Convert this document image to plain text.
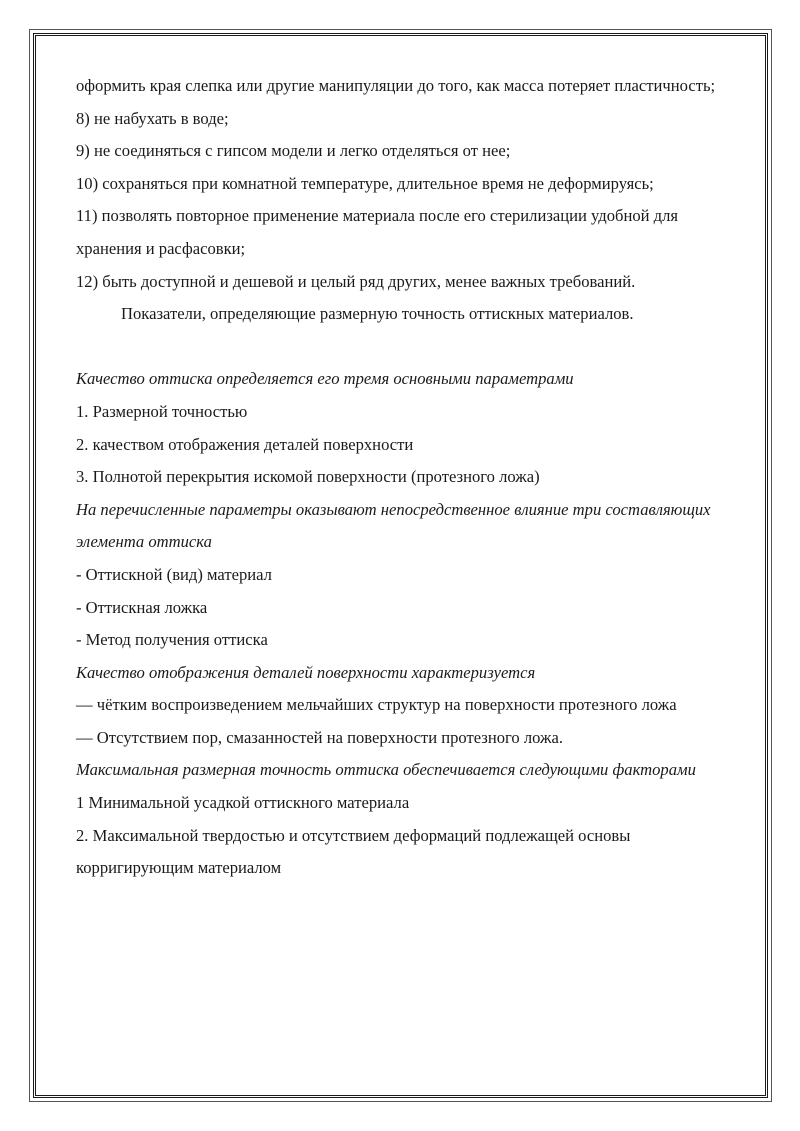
оформить края слепка или другие манипуляции до того, как масса потеряет пластичность;

8) не набухать в воде;

9) не соединяться с гипсом модели и легко отделяться от нее;

10) сохраняться при комнатной температуре, длительное время не деформируясь;

11) позволять повторное применение материала после его стерилизации удобной для хранения и расфасовки;

12) быть доступной и дешевой и целый ряд других, менее важных требований.

Показатели, определяющие размерную точность оттискных материалов.

Качество оттиска определяется его тремя основными параметрами

1. Размерной точностью

2. качеством отображения деталей поверхности

3. Полнотой перекрытия искомой поверхности (протезного ложа)

На перечисленные параметры оказывают непосредственное влияние три составляющих элемента оттиска

- Оттискной (вид) материал

- Оттискная ложка

- Метод получения оттиска

Качество отображения деталей поверхности характеризуется

— чётким воспроизведением мельчайших структур на поверхности протезного ложа

— Отсутствием пор, смазанностей на поверхности протезного ложа.

Максимальная размерная точность оттиска обеспечивается следующими факторами

1 Минимальной усадкой оттискного материала

2. Максимальной твердостью и отсутствием деформаций подлежащей основы корригирующим материалом
